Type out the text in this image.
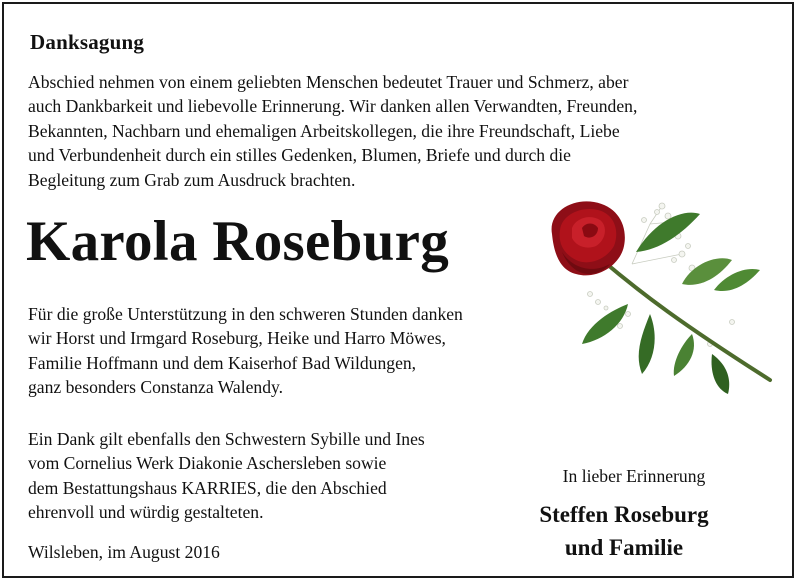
Danksagung
Abschied nehmen von einem geliebten Menschen bedeutet Trauer und Schmerz, aber
auch Dankbarkeit und liebevolle Erinnerung. Wir danken allen Verwandten, Freunden,
Bekannten, Nachbarn und ehemaligen Arbeitskollegen, die ihre Freundschaft, Liebe
und Verbundenheit durch ein stilles Gedenken, Blumen, Briefe und durch die
Begleitung zum Grab zum Ausdruck brachten.
Karola Roseburg
Für die große Unterstützung in den schweren Stunden danken
wir Horst und Irmgard Roseburg, Heike und Harro Möwes,
Familie Hoffmann und dem Kaiserhof Bad Wildungen,
ganz besonders Constanza Walendy.
Ein Dank gilt ebenfalls den Schwestern Sybille und Ines
vom Cornelius Werk Diakonie Aschersleben sowie
dem Bestattungshaus KARRIES, die den Abschied
ehrenvoll und würdig gestalteten.
Wilsleben, im August 2016
In lieber Erinnerung
Steffen Roseburg
und Familie
